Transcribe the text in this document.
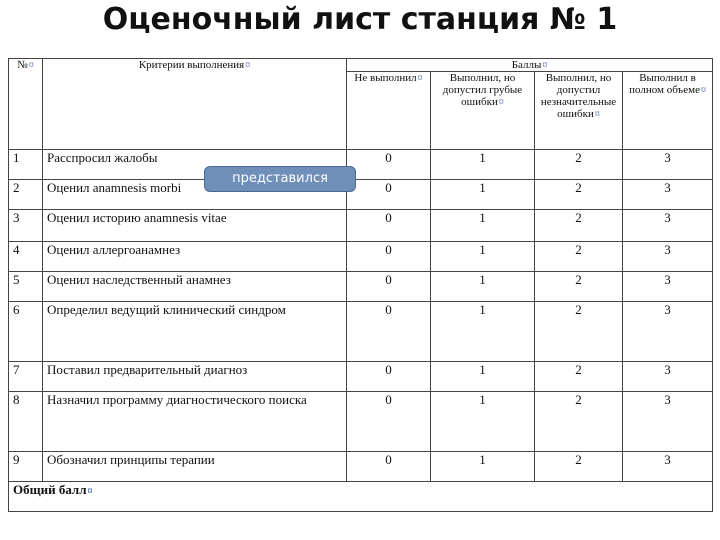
Оценочный лист станция № 1
№¤	Критерии выполнения¤	Баллы¤			
		Не выполнил¤	Выполнил, но допустил грубые ошибки¤	Выполнил, но допустил незначительные ошибки¤	Выполнил в полном объеме¤
1	Расспросил жалобы	0	1	2	3
2	Оценил anamnesis morbi	0	1	2	3
3	Оценил историю anamnesis vitae	0	1	2	3
4	Оценил аллергоанамнез	0	1	2	3
5	Оценил наследственный анамнез	0	1	2	3
6	Определил ведущий клинический синдром	0	1	2	3
7	Поставил предварительный диагноз	0	1	2	3
8	Назначил программу диагностического поиска	0	1	2	3
9	Обозначил принципы терапии	0	1	2	3
Общий балл¤					
представился
